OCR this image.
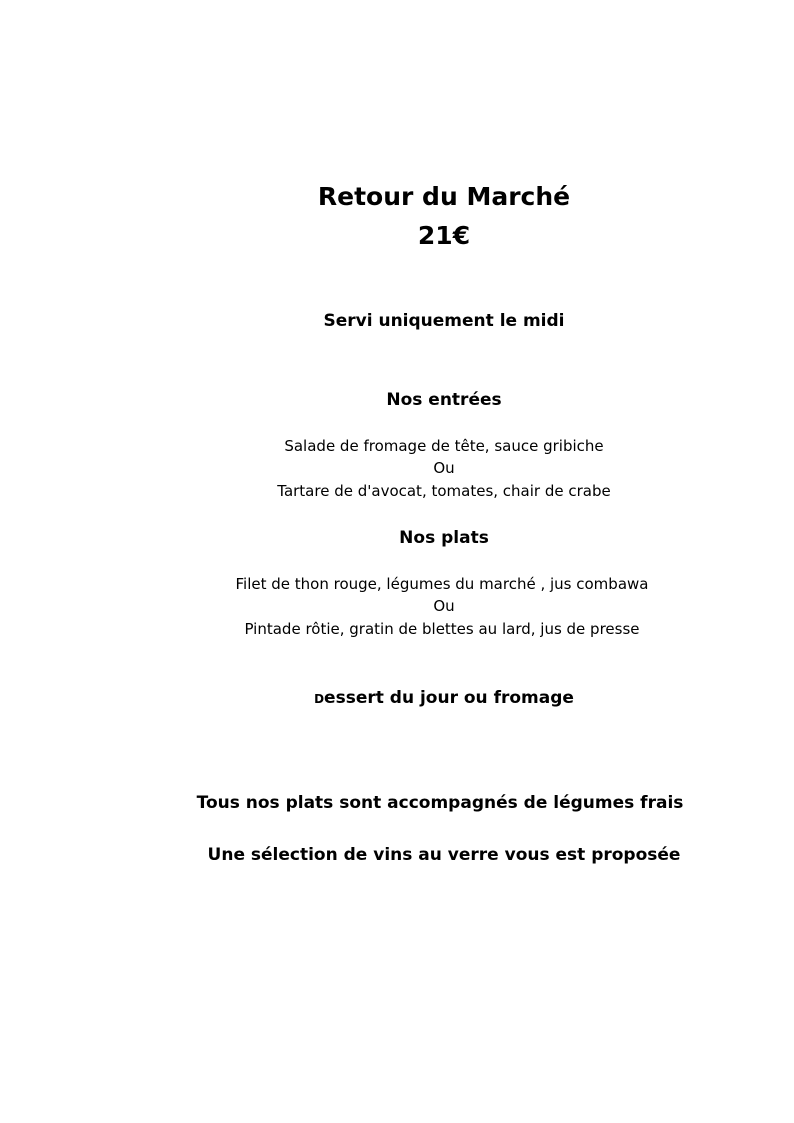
Retour du Marché
21€
Servi uniquement le midi
Nos entrées
Salade de fromage de tête, sauce gribiche
Ou
Tartare de d'avocat, tomates, chair de crabe
Nos plats
Filet de thon rouge, légumes du marché , jus combawa
Ou
Pintade rôtie, gratin de blettes au lard, jus de presse
Dessert du jour ou fromage
Tous nos plats sont accompagnés de légumes frais
Une sélection de vins au verre vous est proposée
